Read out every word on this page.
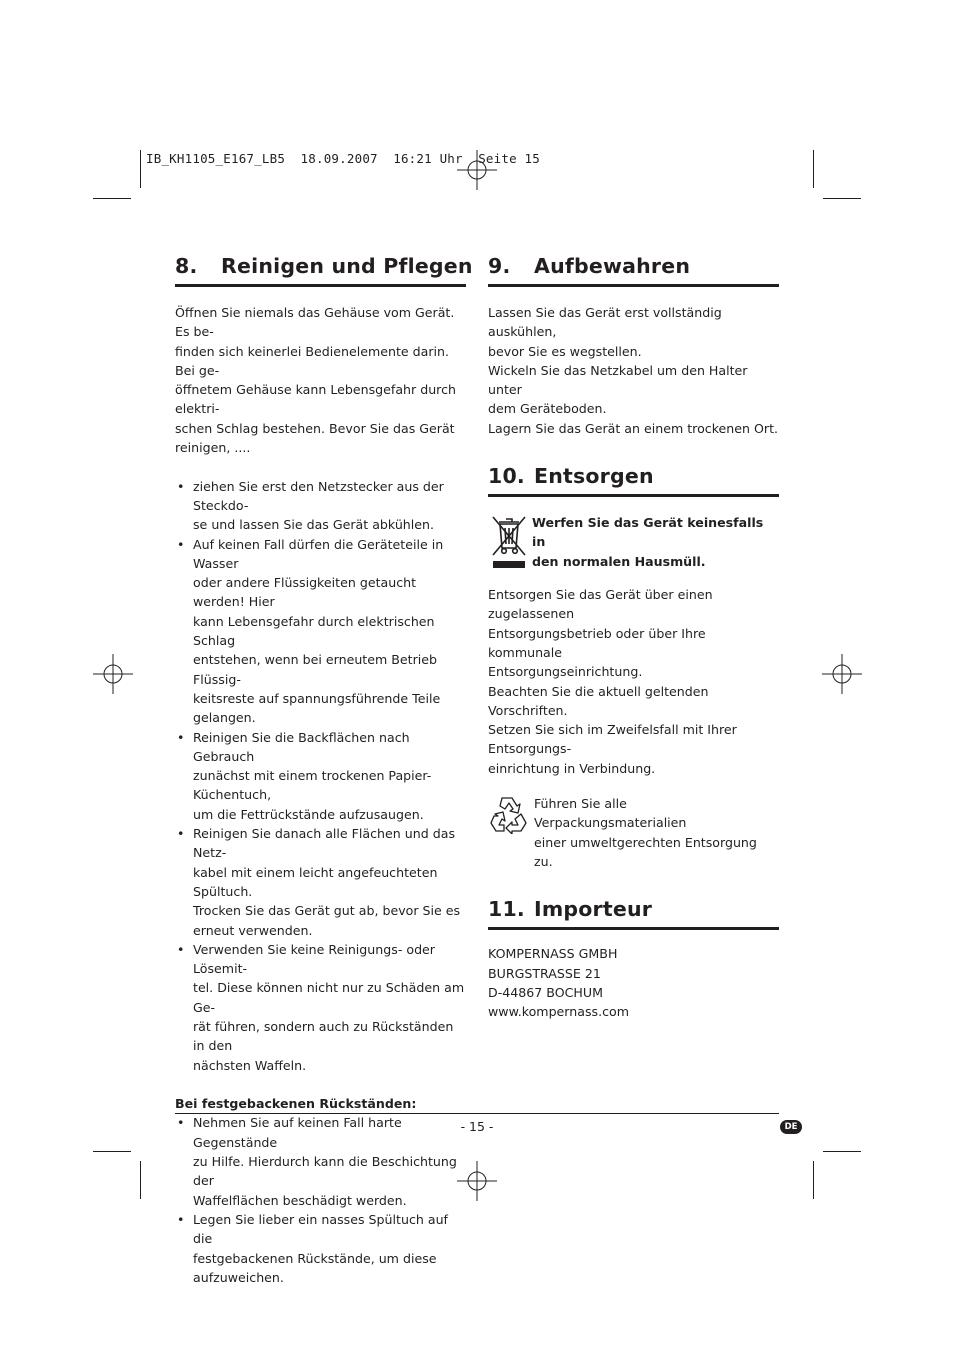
IB_KH1105_E167_LB5  18.09.2007  16:21 Uhr  Seite 15
8. Reinigen und Pflegen

Öffnen Sie niemals das Gehäuse vom Gerät. Es be-

finden sich keinerlei Bedienelemente darin. Bei ge-

öffnetem Gehäuse kann Lebensgefahr durch elektri-

schen Schlag bestehen. Bevor Sie das Gerät

reinigen, ....

• ziehen Sie erst den Netzstecker aus der Steckdo-
se und lassen Sie das Gerät abkühlen.
• Auf keinen Fall dürfen die Geräteteile in Wasser
oder andere Flüssigkeiten getaucht werden! Hier
kann Lebensgefahr durch elektrischen Schlag
entstehen, wenn bei erneutem Betrieb Flüssig-
keitsreste auf spannungsführende Teile
gelangen.
• Reinigen Sie die Backflächen nach Gebrauch
zunächst mit einem trockenen Papier-Küchentuch,
um die Fettrückstände aufzusaugen.
• Reinigen Sie danach alle Flächen und das Netz-
kabel mit einem leicht angefeuchteten Spültuch.
Trocken Sie das Gerät gut ab, bevor Sie es
erneut verwenden.
• Verwenden Sie keine Reinigungs- oder Lösemit-
tel. Diese können nicht nur zu Schäden am Ge-
rät führen, sondern auch zu Rückständen in den
nächsten Waffeln.

Bei festgebackenen Rückständen:

• Nehmen Sie auf keinen Fall harte Gegenstände
zu Hilfe. Hierdurch kann die Beschichtung der
Waffelflächen beschädigt werden.
• Legen Sie lieber ein nasses Spültuch auf die
festgebackenen Rückstände, um diese
aufzuweichen.
9. Aufbewahren

Lassen Sie das Gerät erst vollständig auskühlen,

bevor Sie es wegstellen.

Wickeln Sie das Netzkabel um den Halter unter

dem Geräteboden.

Lagern Sie das Gerät an einem trockenen Ort.

10. Entsorgen
Werfen Sie das Gerät keinesfalls in
den normalen Hausmüll.

Entsorgen Sie das Gerät über einen zugelassenen

Entsorgungsbetrieb oder über Ihre kommunale

Entsorgungseinrichtung.

Beachten Sie die aktuell geltenden Vorschriften.

Setzen Sie sich im Zweifelsfall mit Ihrer Entsorgungs-

einrichtung in Verbindung.

Führen Sie alle Verpackungsmaterialien

einer umweltgerechten Entsorgung zu.

11. Importeur

KOMPERNASS GMBH

BURGSTRASSE 21

D-44867 BOCHUM

www.kompernass.com

- 15 -	DE
